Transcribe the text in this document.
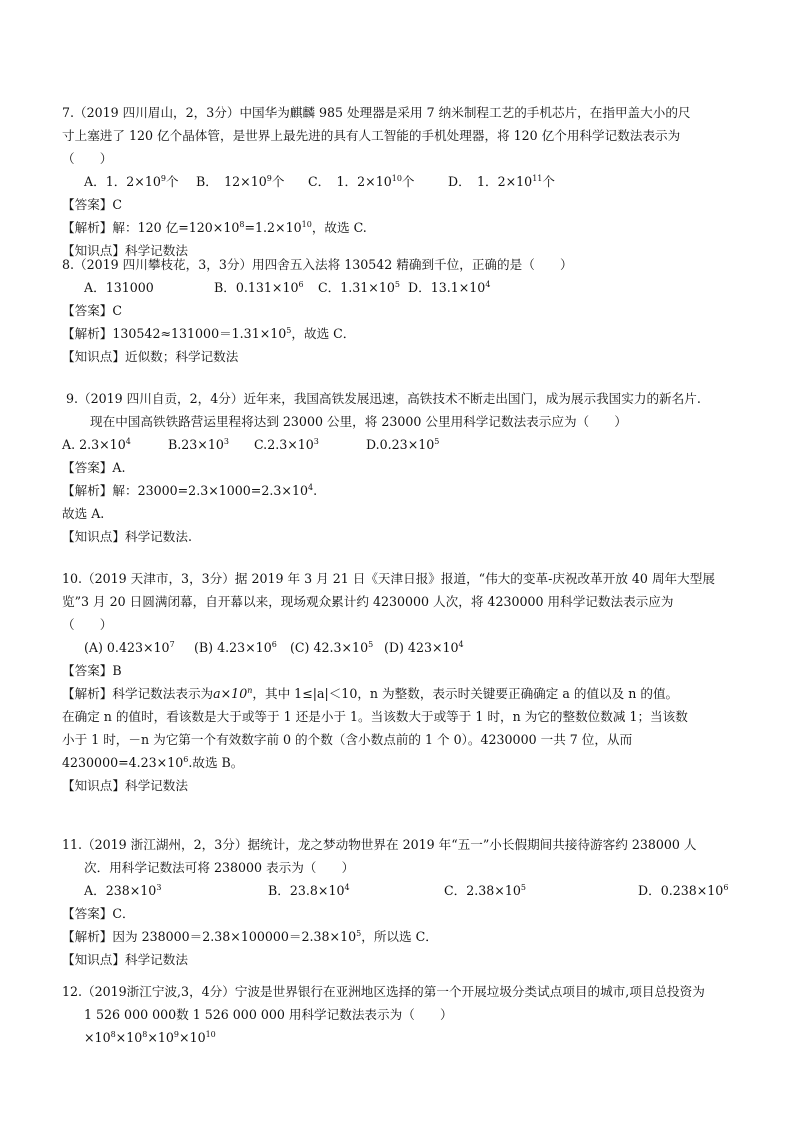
7.（2019 四川眉山，2，3分）中国华为麒麟 985 处理器是采用 7 纳米制程工艺的手机芯片，在指甲盖大小的尺
寸上塞进了 120 亿个晶体管，是世界上最先进的具有人工智能的手机处理器，将 120 亿个用科学记数法表示为
（　　）
A．1．$2\times 10^9$个 B．　$12\times 10^9$个 C．　1．$2\times 10^{10}$个	D．　1．$2\times 10^{11}$个
【答案】C
【解析】解：120 亿$=120\times 10^8=1.2\times 10^{10}$，故选 C.
【知识点】科学记数法
8.（2019 四川攀枝花，3，3分）用四舍五入法将 130542 精确到千位，正确的是（　　）
A．131000	B．$0.131\times 10^6$ C．$1.31\times 10^5$ D．$13.1\times 10^4$
【答案】C
【解析】$130542\approx 131000=1.31\times 10^5$，故选 C．
【知识点】近似数；科学记数法
9.（2019 四川自贡，2，4分）近年来，我国高铁发展迅速，高铁技术不断走出国门，成为展示我国实力的新名片.
现在中国高铁铁路营运里程将达到 23000 公里，将 23000 公里用科学记数法表示应为（　　）
A. $2.3\times 10^4$	$B.23\times 10^3$ $C.2.3\times 10^3$	$D.0.23\times 10^5$
【答案】A.
【解析】解：$23000=2.3\times 1000=2.3\times 10^4$.
故选 A.
【知识点】科学记数法.
10.（2019 天津市，3，3分）据 2019 年 3 月 21 日《天津日报》报道，“伟大的变革-庆祝改革开放 40 周年大型展
览”3 月 20 日圆满闭幕，自开幕以来，现场观众累计约 4230000 人次，将 4230000 用科学记数法表示应为
（　　）
(A) $0.423\times 10^7$ (B) $4.23\times 10^6$ (C) $42.3\times 10^5$ (D) $423\times 10^4$
【答案】B
【解析】科学记数法表示为$a\times 10^n$，其中 1≤|a|＜10，n 为整数，表示时关键要正确确定 a 的值以及 n 的值。
在确定 n 的值时，看该数是大于或等于 1 还是小于 1。当该数大于或等于 1 时，n 为它的整数位数减 1；当该数
小于 1 时，－n 为它第一个有效数字前 0 的个数（含小数点前的 1 个 0）。4230000 一共 7 位，从而
$4230000=4.23\times 10^6$.故选 B。
【知识点】科学记数法
11.（2019 浙江湖州，2，3分）据统计，龙之梦动物世界在 2019 年“五一”小长假期间共接待游客约 238000 人
次．用科学记数法可将 238000 表示为（　　）
A．$238\times 10^3$	B．$23.8\times 10^4$	C．$2.38\times 10^5$	D．$0.238\times 10^6$
【答案】C．
【解析】因为 $238000=2.38\times 100000=2.38\times 10^5$，所以选 C．
【知识点】科学记数法
12.（2019浙江宁波,3，4分）宁波是世界银行在亚洲地区选择的第一个开展垃圾分类试点项目的城市,项目总投资为
1 526 000 000数 1 526 000 000 用科学记数法表示为（　　）
$\times 10^8\times 10^8\times 10^9\times 10^{10}$
